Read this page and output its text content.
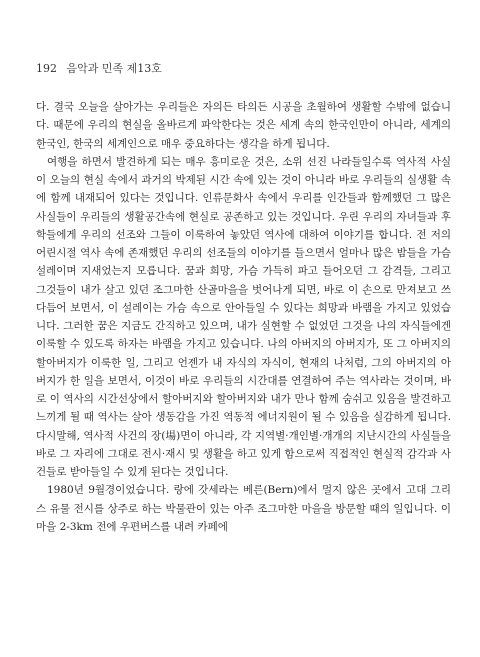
192 음악과 민족 제13호

다. 결국 오늘을 살아가는 우리들은 자의든 타의든 시공을 초월하여 생활할 수밖에 없습니다. 때문에 우리의 현실을 올바르게 파악한다는 것은 세계 속의 한국인만이 아니라, 세계의 한국인, 한국의 세계인으로 매우 중요하다는 생각을 하게 됩니다.

여행을 하면서 발견하게 되는 매우 흥미로운 것은, 소위 선진 나라들일수록 역사적 사실이 오늘의 현실 속에서 과거의 박제된 시간 속에 있는 것이 아니라 바로 우리들의 실생활 속에 함께 내재되어 있다는 것입니다. 인류문화사 속에서 우리를 인간들과 함께했던 그 많은 사실들이 우리들의 생활공간속에 현실로 공존하고 있는 것입니다. 우린 우리의 자녀들과 후학들에게 우리의 선조와 그들이 이룩하여 놓았던 역사에 대하여 이야기를 합니다. 전 저의 어린시절 역사 속에 존재했던 우리의 선조들의 이야기를 들으면서 얼마나 많은 밤들을 가슴 설레이며 지새었는지 모릅니다. 꿈과 희망, 가슴 가득히 파고 들어오던 그 감격들, 그리고 그것들이 내가 살고 있던 조그마한 산골마을을 벗어나게 되면, 바로 이 손으로 만져보고 쓰다듬어 보면서, 이 설레이는 가슴 속으로 안아들일 수 있다는 희망과 바램을 가지고 있었습니다. 그러한 꿈은 지금도 간직하고 있으며, 내가 실현할 수 없었던 그것을 나의 자식들에겐 이룩할 수 있도록 하자는 바램을 가지고 있습니다. 나의 아버지의 아버지가, 또 그 아버지의 할아버지가 이룩한 일, 그리고 언젠가 내 자식의 자식이, 현재의 나처럼, 그의 아버지의 아버지가 한 일을 보면서, 이것이 바로 우리들의 시간대를 연결하여 주는 역사라는 것이며, 바로 이 역사의 시간선상에서 할아버지와 할아버지와 내가 만나 함께 숨쉬고 있음을 발견하고 느끼게 될 때 역사는 살아 생동감을 가진 역동적 에너지원이 될 수 있음을 실감하게 됩니다. 다시말해, 역사적 사건의 장(場)면이 아니라, 각 지역별·개인별·개개의 지난시간의 사실들을 바로 그 자리에 그대로 전시·재시 및 생활을 하고 있게 함으로써 직접적인 현실적 감각과 사건들로 받아들일 수 있게 된다는 것입니다.

1980년 9월경이었습니다. 랑에 갓세라는 베른(Bern)에서 멀지 않은 곳에서 고대 그리스 유물 전시를 상주로 하는 박물관이 있는 아주 조그마한 마을을 방문할 때의 일입니다. 이 마을 2-3km 전에 우편버스를 내려 카페에
